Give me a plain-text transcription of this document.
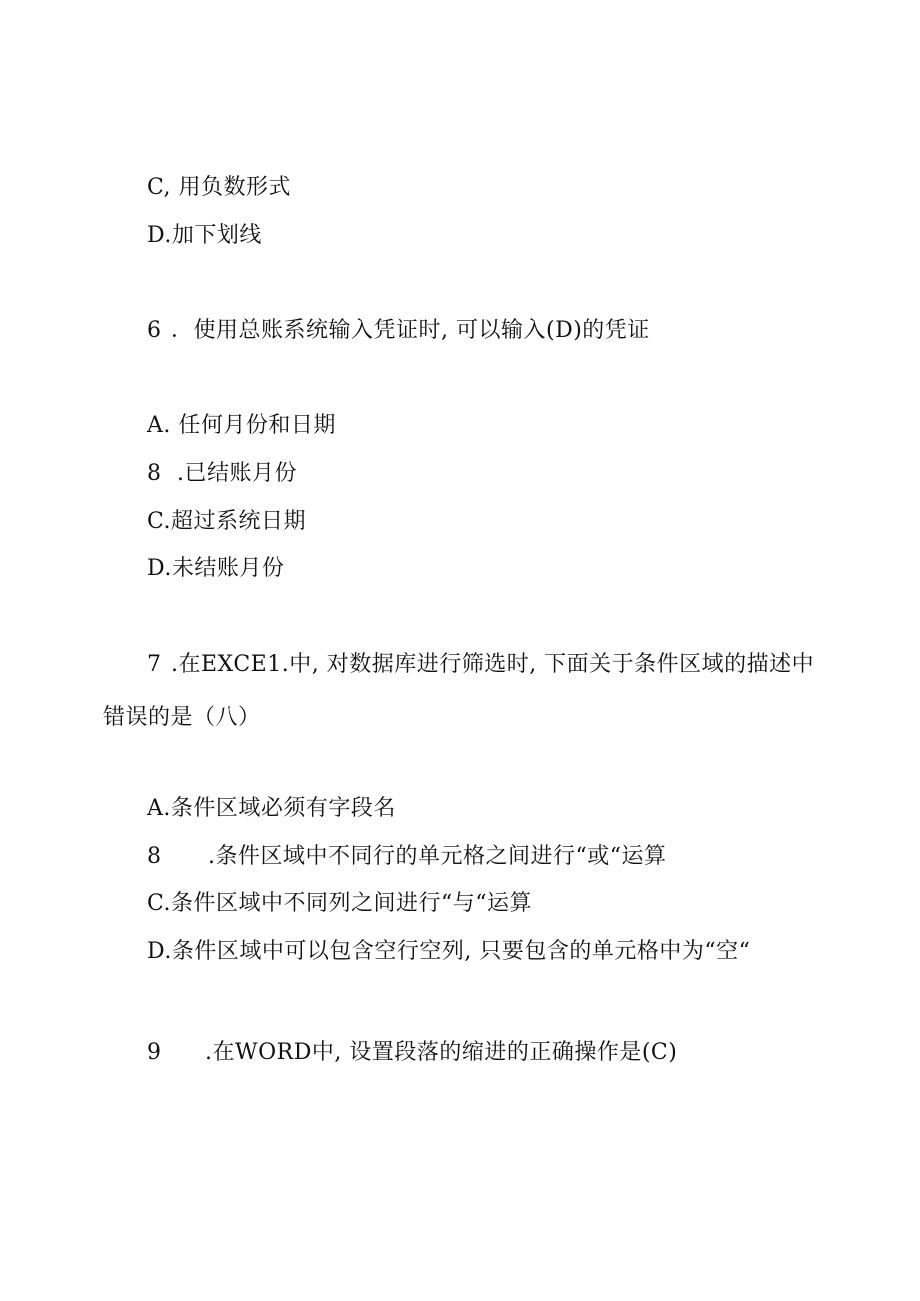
C, 用负数形式
D.加下划线
6 ．使用总账系统输入凭证时, 可以输入(D)的凭证
A. 任何月份和日期
8 .已结账月份
C.超过系统日期
D.未结账月份
7 .在EXCE1.中, 对数据库进行筛选时, 下面关于条件区域的描述中
错误的是（八）
A.条件区域必须有字段名
8 .条件区域中不同行的单元格之间进行“或“运算
C.条件区域中不同列之间进行“与“运算
D.条件区域中可以包含空行空列, 只要包含的单元格中为“空“
9 .在WORD中, 设置段落的缩进的正确操作是(C)
